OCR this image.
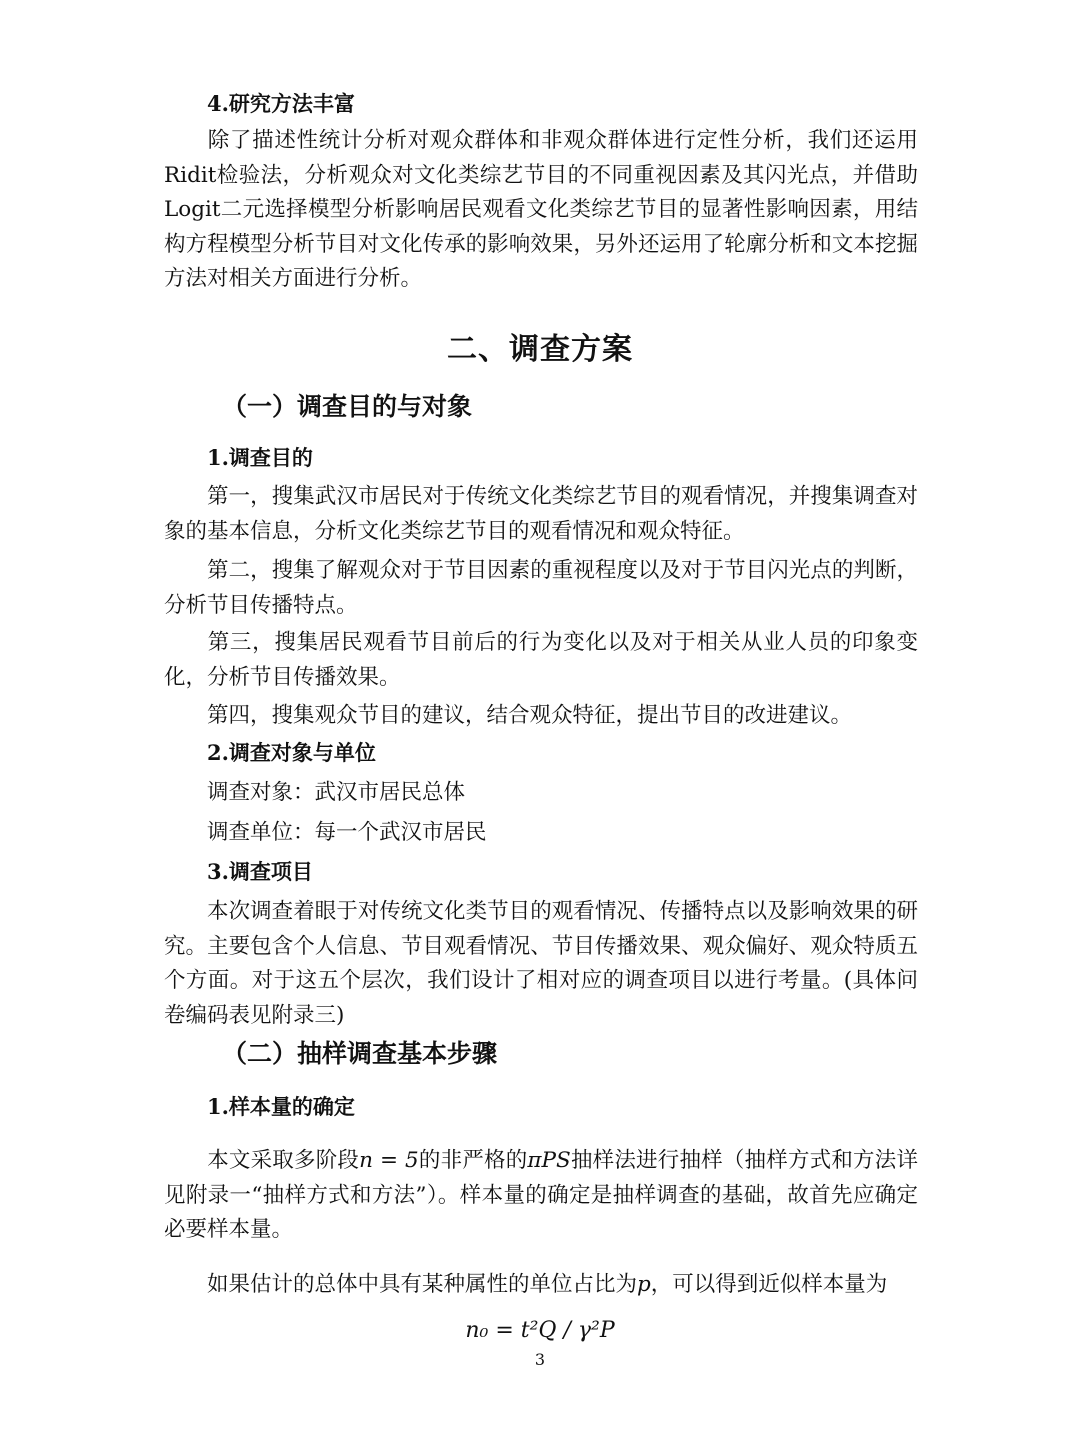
4.研究方法丰富

除了描述性统计分析对观众群体和非观众群体进行定性分析，我们还运用Ridit检验法，分析观众对文化类综艺节目的不同重视因素及其闪光点，并借助Logit二元选择模型分析影响居民观看文化类综艺节目的显著性影响因素，用结构方程模型分析节目对文化传承的影响效果，另外还运用了轮廓分析和文本挖掘方法对相关方面进行分析。

二、调查方案

（一）调查目的与对象

1.调查目的

第一，搜集武汉市居民对于传统文化类综艺节目的观看情况，并搜集调查对象的基本信息，分析文化类综艺节目的观看情况和观众特征。

第二，搜集了解观众对于节目因素的重视程度以及对于节目闪光点的判断，分析节目传播特点。

第三，搜集居民观看节目前后的行为变化以及对于相关从业人员的印象变化，分析节目传播效果。

第四，搜集观众节目的建议，结合观众特征，提出节目的改进建议。

2.调查对象与单位

调查对象：武汉市居民总体

调查单位：每一个武汉市居民

3.调查项目

本次调查着眼于对传统文化类节目的观看情况、传播特点以及影响效果的研究。主要包含个人信息、节目观看情况、节目传播效果、观众偏好、观众特质五个方面。对于这五个层次，我们设计了相对应的调查项目以进行考量。(具体问卷编码表见附录三)

（二）抽样调查基本步骤

1.样本量的确定

本文采取多阶段n = 5的非严格的πPS抽样法进行抽样（抽样方式和方法详见附录一“抽样方式和方法”）。样本量的确定是抽样调查的基础，故首先应确定必要样本量。

如果估计的总体中具有某种属性的单位占比为p，可以得到近似样本量为

n₀ = t²Q / γ²P

3
